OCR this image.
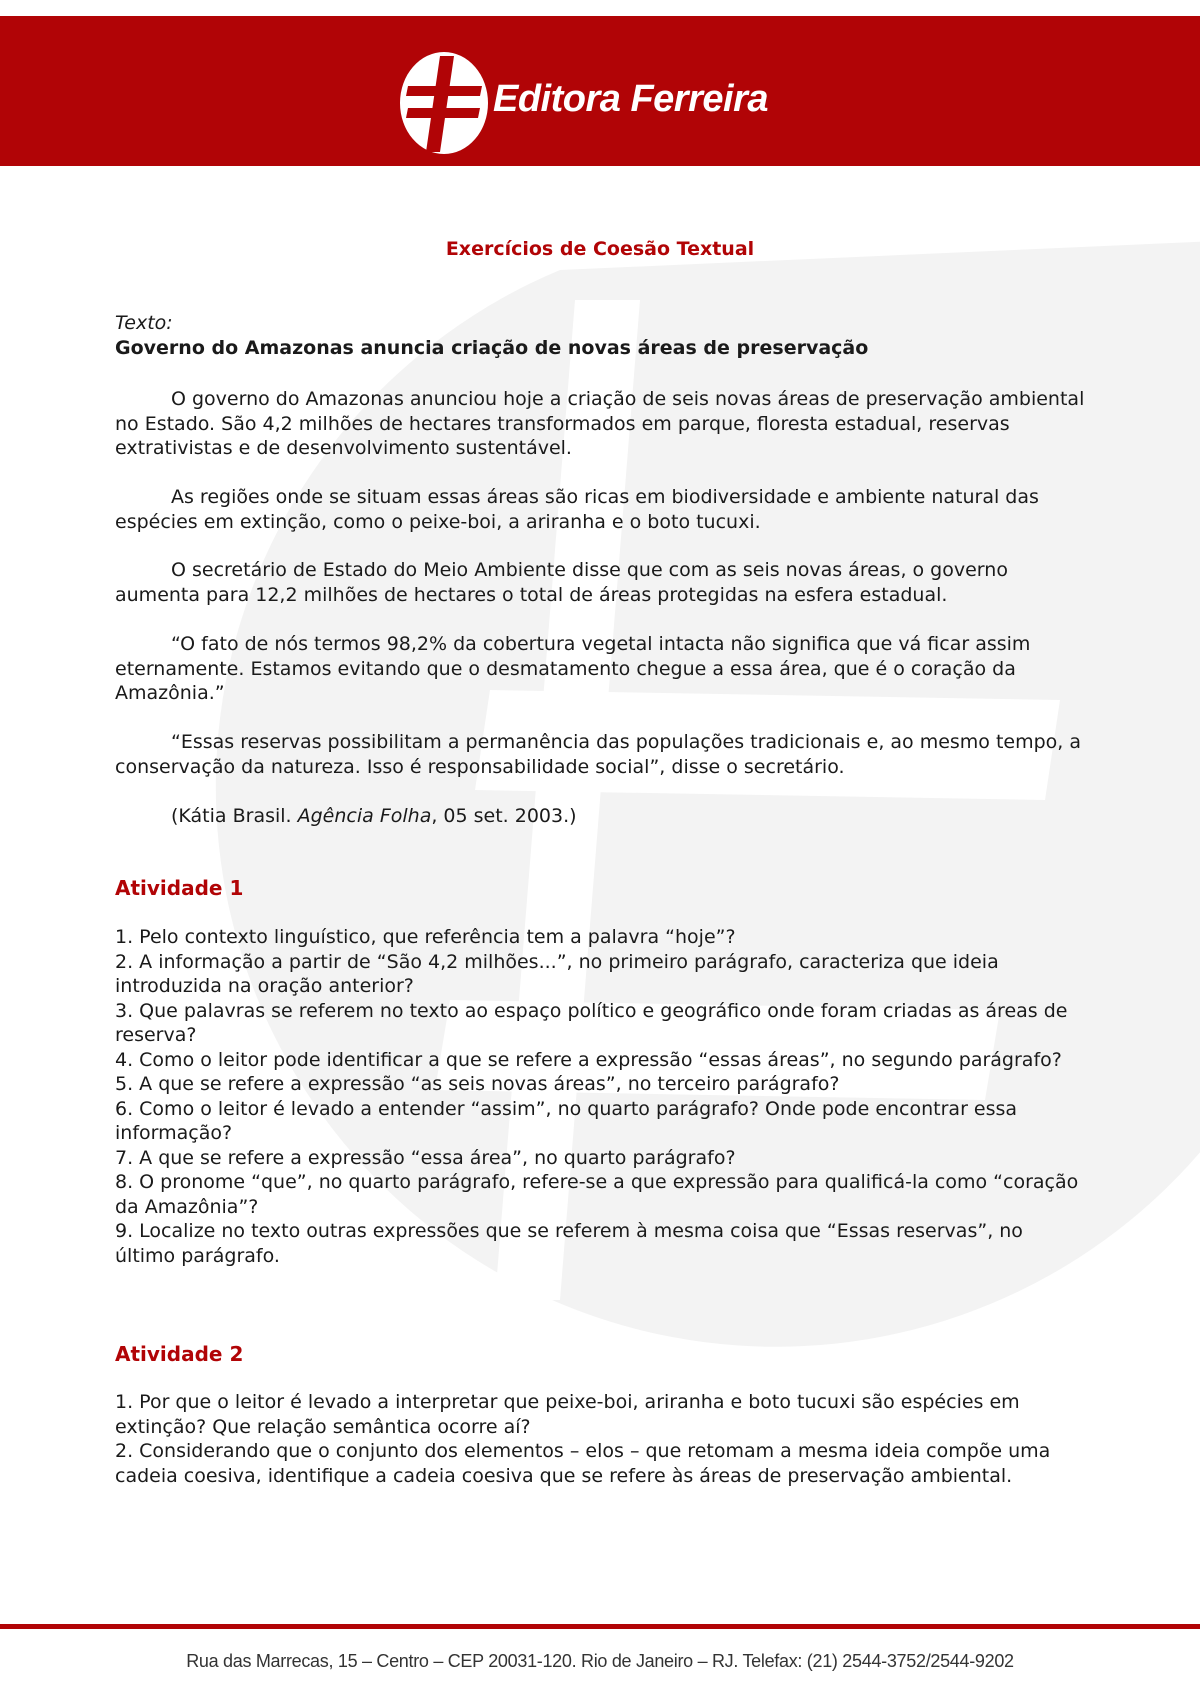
Editora Ferreira
Exercícios de Coesão Textual

Texto:

Governo do Amazonas anuncia criação de novas áreas de preservação

O governo do Amazonas anunciou hoje a criação de seis novas áreas de preservação ambiental no Estado. São 4,2 milhões de hectares transformados em parque, floresta estadual, reservas extrativistas e de desenvolvimento sustentável.

As regiões onde se situam essas áreas são ricas em biodiversidade e ambiente natural das espécies em extinção, como o peixe-boi, a ariranha e o boto tucuxi.

O secretário de Estado do Meio Ambiente disse que com as seis novas áreas, o governo aumenta para 12,2 milhões de hectares o total de áreas protegidas na esfera estadual.

“O fato de nós termos 98,2% da cobertura vegetal intacta não significa que vá ficar assim eternamente. Estamos evitando que o desmatamento chegue a essa área, que é o coração da Amazônia.”

“Essas reservas possibilitam a permanência das populações tradicionais e, ao mesmo tempo, a conservação da natureza. Isso é responsabilidade social”, disse o secretário.

(Kátia Brasil. Agência Folha, 05 set. 2003.)

Atividade 1
1. Pelo contexto linguístico, que referência tem a palavra “hoje”?
2. A informação a partir de “São 4,2 milhões...”, no primeiro parágrafo, caracteriza que ideia introduzida na oração anterior?
3. Que palavras se referem no texto ao espaço político e geográfico onde foram criadas as áreas de reserva?
4. Como o leitor pode identificar a que se refere a expressão “essas áreas”, no segundo parágrafo?
5. A que se refere a expressão “as seis novas áreas”, no terceiro parágrafo?
6. Como o leitor é levado a entender “assim”, no quarto parágrafo? Onde pode encontrar essa informação?
7. A que se refere a expressão “essa área”, no quarto parágrafo?
8. O pronome “que”, no quarto parágrafo, refere-se a que expressão para qualificá-la como “coração da Amazônia”?
9. Localize no texto outras expressões que se referem à mesma coisa que “Essas reservas”, no último parágrafo.
Atividade 2
1. Por que o leitor é levado a interpretar que peixe-boi, ariranha e boto tucuxi são espécies em extinção? Que relação semântica ocorre aí?
2. Considerando que o conjunto dos elementos – elos – que retomam a mesma ideia compõe uma cadeia coesiva, identifique a cadeia coesiva que se refere às áreas de preservação ambiental.

Rua das Marrecas, 15 – Centro – CEP 20031-120. Rio de Janeiro – RJ. Telefax: (21) 2544-3752/2544-9202
